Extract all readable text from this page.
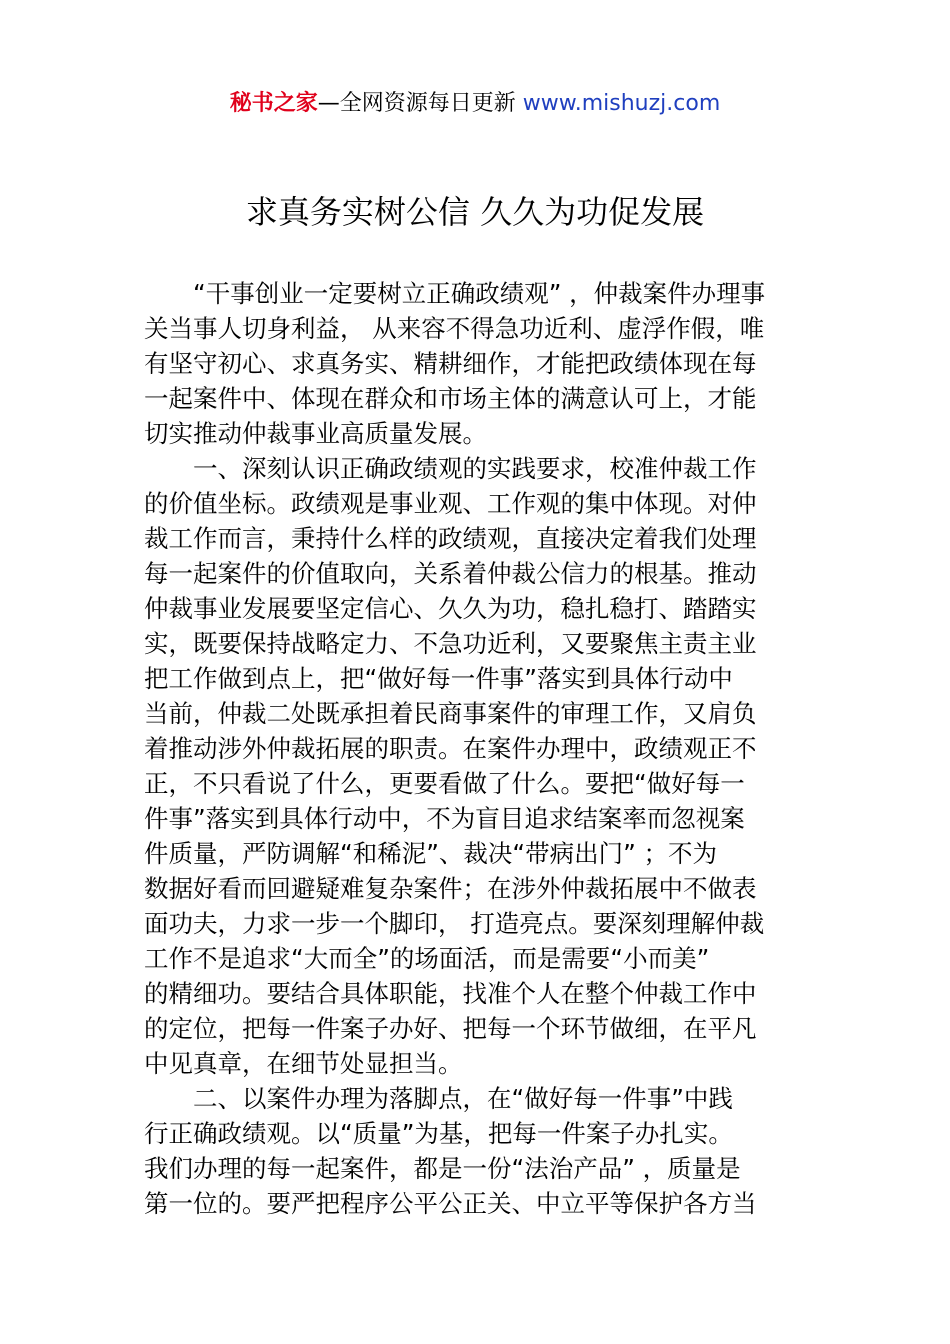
秘书之家—全网资源每日更新 www.mishuzj.com
求真务实树公信 久久为功促发展
“干事创业一定要树立正确政绩观” ，仲裁案件办理事
关当事人切身利益， 从来容不得急功近利、虚浮作假，唯
有坚守初心、求真务实、精耕细作，才能把政绩体现在每
一起案件中、体现在群众和市场主体的满意认可上，才能
切实推动仲裁事业高质量发展。
一、深刻认识正确政绩观的实践要求，校准仲裁工作
的价值坐标。政绩观是事业观、工作观的集中体现。对仲
裁工作而言，秉持什么样的政绩观，直接决定着我们处理
每一起案件的价值取向，关系着仲裁公信力的根基。推动
仲裁事业发展要坚定信心、久久为功，稳扎稳打、踏踏实
实，既要保持战略定力、不急功近利，又要聚焦主责主业
把工作做到点上，把“做好每一件事”落实到具体行动中
当前，仲裁二处既承担着民商事案件的审理工作，又肩负
着推动涉外仲裁拓展的职责。在案件办理中，政绩观正不
正，不只看说了什么，更要看做了什么。要把“做好每一
件事”落实到具体行动中，不为盲目追求结案率而忽视案
件质量，严防调解“和稀泥”、裁决“带病出门” ；不为
数据好看而回避疑难复杂案件；在涉外仲裁拓展中不做表
面功夫，力求一步一个脚印， 打造亮点。要深刻理解仲裁
工作不是追求“大而全”的场面活，而是需要“小而美”
的精细功。要结合具体职能，找准个人在整个仲裁工作中
的定位，把每一件案子办好、把每一个环节做细，在平凡
中见真章，在细节处显担当。
二、以案件办理为落脚点，在“做好每一件事”中践
行正确政绩观。以“质量”为基，把每一件案子办扎实。
我们办理的每一起案件，都是一份“法治产品” ，质量是
第一位的。要严把程序公平公正关、中立平等保护各方当
